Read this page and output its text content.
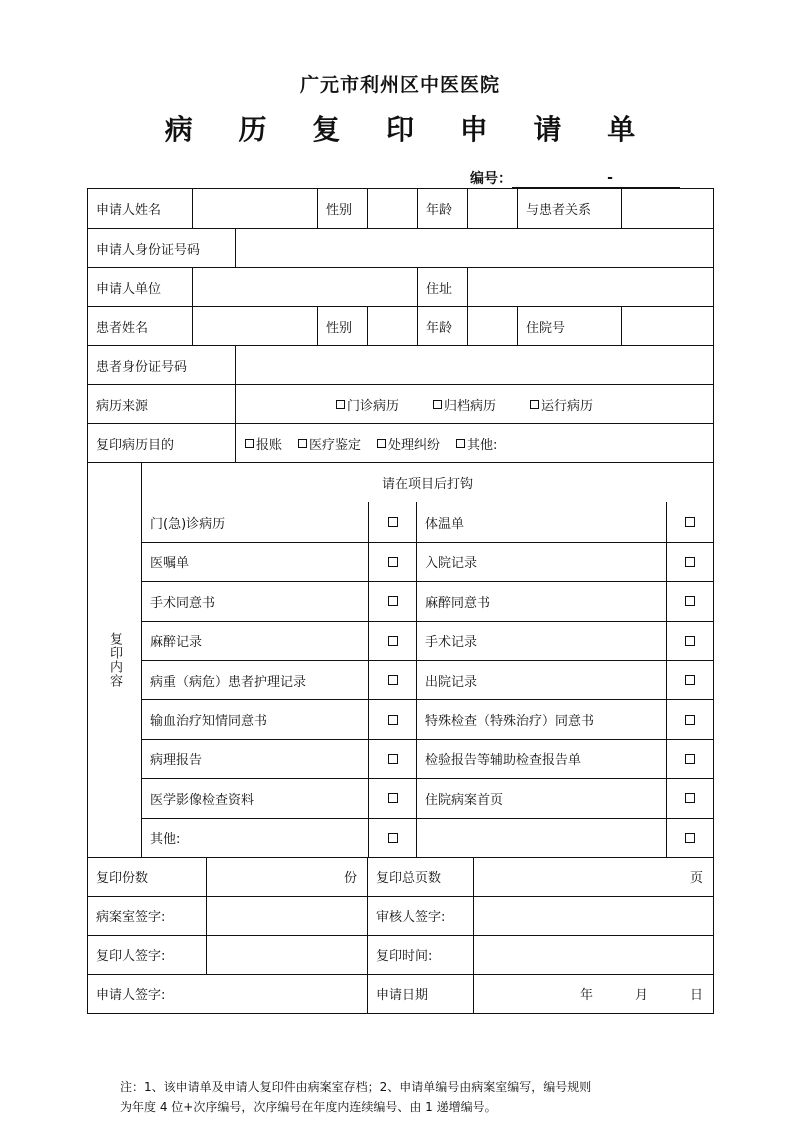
广元市利州区中医医院
病 历 复 印 申 请 单
编号：	-
申请人姓名	性别	年龄	与患者关系
申请人身份证号码
申请人单位	住址
患者姓名	性别	年龄	住院号
患者身份证号码
病历来源	门诊病历	归档病历	运行病历
复印病历目的	报账 医疗鉴定 处理纠纷 其他:
复印内容
请在项目后打钩
门(急)诊病历	体温单
医嘱单	入院记录
手术同意书	麻醉同意书
麻醉记录	手术记录
病重（病危）患者护理记录	出院记录
输血治疗知情同意书	特殊检查（特殊治疗）同意书
病理报告	检验报告等辅助检查报告单
医学影像检查资料	住院病案首页
其他:
复印份数	份	复印总页数	页
病案室签字:	审核人签字:
复印人签字:	复印时间:
申请人签字:	申请日期	年	月	日
注：1、该申请单及申请人复印件由病案室存档；2、申请单编号由病案室编写，编号规则
为年度 4 位+次序编号，次序编号在年度内连续编号、由 1 递增编号。
